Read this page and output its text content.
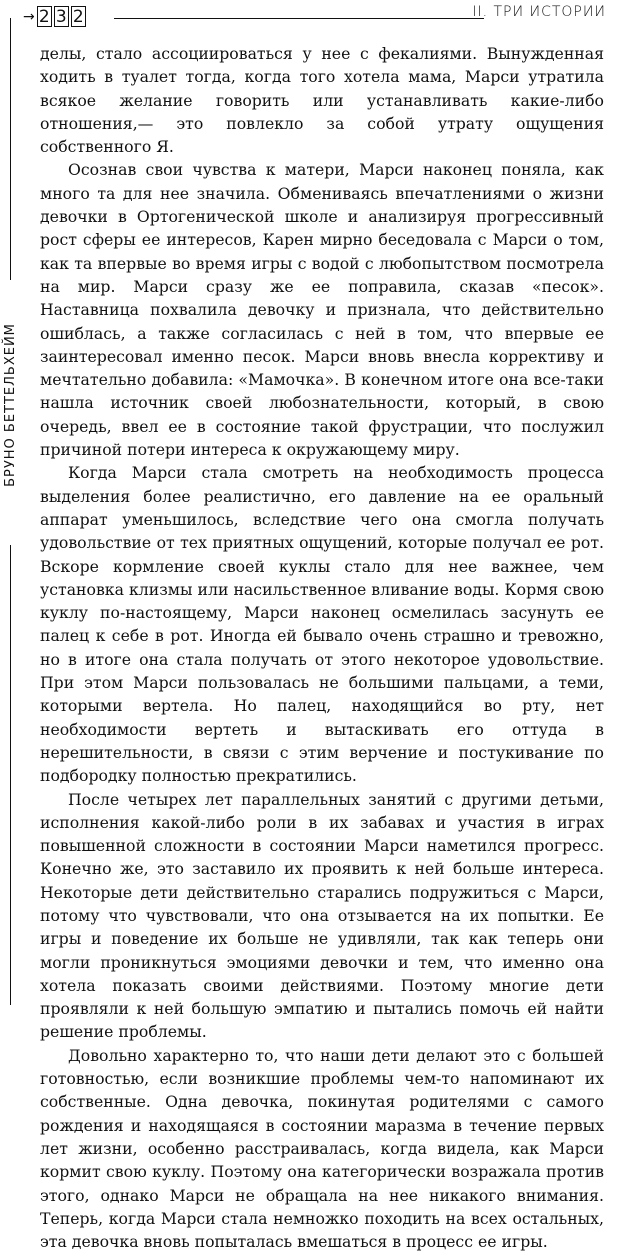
→ 2 3 2	II. ТРИ ИСТОРИИ
БРУНО БЕТТЕЛЬХЕЙМ

делы, стало ассоциироваться у нее с фекалиями. Вынужденная ходить в туалет тогда, когда того хотела мама, Марси утратила всякое желание говорить или устанавливать какие-либо отношения,— это повлекло за собой утрату ощущения собственного Я.

Осознав свои чувства к матери, Марси наконец поняла, как много та для нее значила. Обмениваясь впечатлениями о жизни девочки в Ортогенической школе и анализируя прогрессивный рост сферы ее интересов, Карен мирно беседовала с Марси о том, как та впервые во время игры с водой с любопытством посмотрела на мир. Марси сразу же ее поправила, сказав «песок». Наставница похвалила девочку и признала, что действительно ошиблась, а также согласилась с ней в том, что впервые ее заинтересовал именно песок. Марси вновь внесла коррективу и мечтательно добавила: «Мамочка». В конечном итоге она все-таки нашла источник своей любознательности, который, в свою очередь, ввел ее в состояние такой фрустрации, что послужил причиной потери интереса к окружающему миру.

Когда Марси стала смотреть на необходимость процесса выделения более реалистично, его давление на ее оральный аппарат уменьшилось, вследствие чего она смогла получать удовольствие от тех приятных ощущений, которые получал ее рот. Вскоре кормление своей куклы стало для нее важнее, чем установка клизмы или насильственное вливание воды. Кормя свою куклу по-настоящему, Марси наконец осмелилась засунуть ее палец к себе в рот. Иногда ей бывало очень страшно и тревожно, но в итоге она стала получать от этого некоторое удовольствие. При этом Марси пользовалась не большими пальцами, а теми, которыми вертела. Но палец, находящийся во рту, нет необходимости вертеть и вытаскивать его оттуда в нерешительности, в связи с этим верчение и постукивание по подбородку полностью прекратились.

После четырех лет параллельных занятий с другими детьми, исполнения какой-либо роли в их забавах и участия в играх повышенной сложности в состоянии Марси наметился прогресс. Конечно же, это заставило их проявить к ней больше интереса. Некоторые дети действительно старались подружиться с Марси, потому что чувствовали, что она отзывается на их попытки. Ее игры и поведение их больше не удивляли, так как теперь они могли проникнуться эмоциями девочки и тем, что именно она хотела показать своими действиями. Поэтому многие дети проявляли к ней большую эмпатию и пытались помочь ей найти решение проблемы.

Довольно характерно то, что наши дети делают это с большей готовностью, если возникшие проблемы чем-то напоминают их собственные. Одна девочка, покинутая родителями с самого рождения и находящаяся в состоянии маразма в течение первых лет жизни, особенно расстраивалась, когда видела, как Марси кормит свою куклу. Поэтому она категорически возражала против этого, однако Марси не обращала на нее никакого внимания. Теперь, когда Марси стала немножко походить на всех остальных, эта девочка вновь попыталась вмешаться в процесс ее игры.
